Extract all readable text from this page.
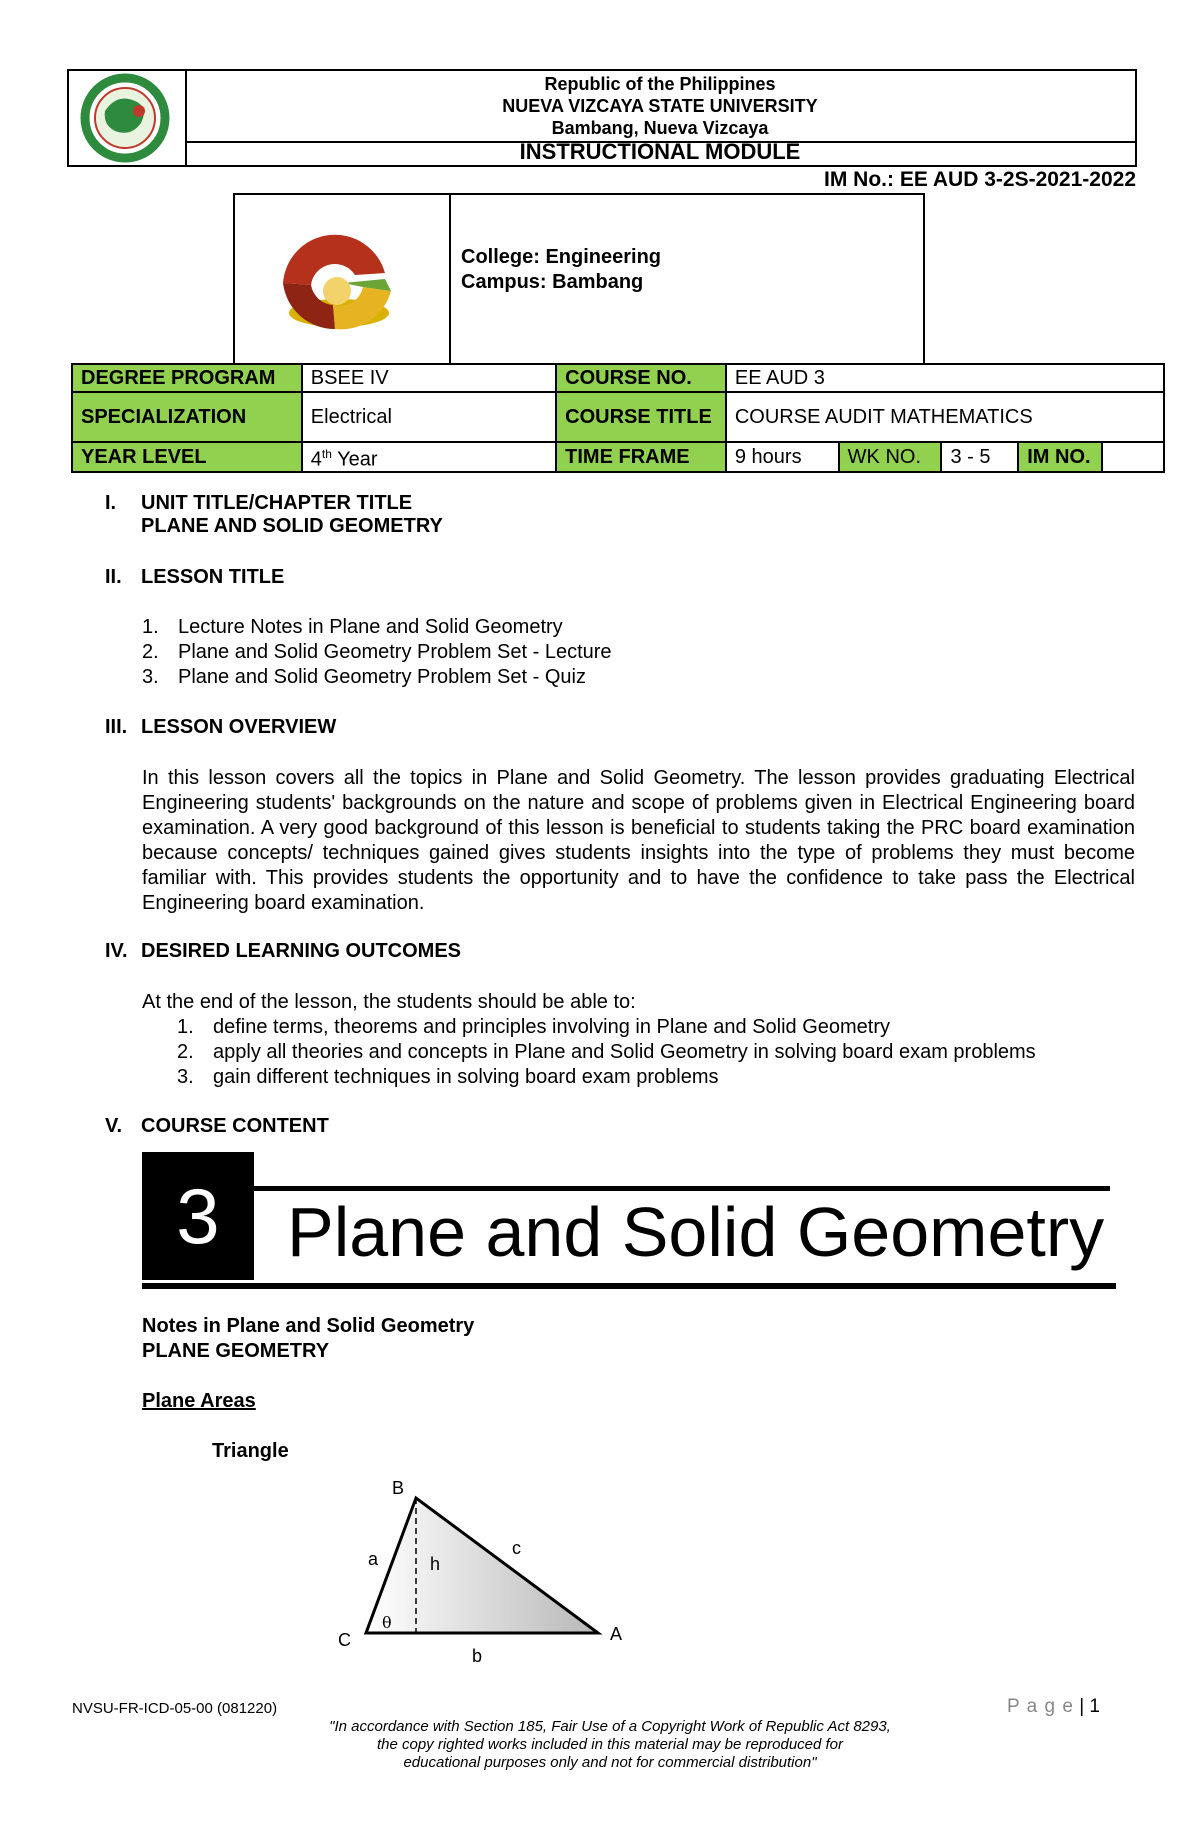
Republic of the Philippines
NUEVA VIZCAYA STATE UNIVERSITY
Bambang, Nueva Vizcaya
INSTRUCTIONAL MODULE
IM No.: EE AUD 3-2S-2021-2022
College: Engineering
Campus: Bambang
DEGREE PROGRAM	BSEE IV	COURSE NO.	EE AUD 3				
SPECIALIZATION	Electrical	COURSE TITLE	COURSE AUDIT MATHEMATICS				
YEAR LEVEL	4th Year	TIME FRAME	9 hours	WK NO.	3 - 5	IM NO.	
I. UNIT TITLE/CHAPTER TITLE
PLANE AND SOLID GEOMETRY
II. LESSON TITLE
1. Lecture Notes in Plane and Solid Geometry
2. Plane and Solid Geometry Problem Set - Lecture
3. Plane and Solid Geometry Problem Set - Quiz
III. LESSON OVERVIEW
In this lesson covers all the topics in Plane and Solid Geometry. The lesson provides graduating Electrical Engineering students' backgrounds on the nature and scope of problems given in Electrical Engineering board examination. A very good background of this lesson is beneficial to students taking the PRC board examination because concepts/ techniques gained gives students insights into the type of problems they must become familiar with. This provides students the opportunity and to have the confidence to take pass the Electrical Engineering board examination.
IV. DESIRED LEARNING OUTCOMES
At the end of the lesson, the students should be able to:
1. define terms, theorems and principles involving in Plane and Solid Geometry
2. apply all theories and concepts in Plane and Solid Geometry in solving board exam problems
3. gain different techniques in solving board exam problems
V. COURSE CONTENT
3 Plane and Solid Geometry
Notes in Plane and Solid Geometry
PLANE GEOMETRY
Plane Areas
Triangle
B
a	h
c
C
θ
A
b
NVSU-FR-ICD-05-00 (081220)	P a g e | 1
"In accordance with Section 185, Fair Use of a Copyright Work of Republic Act 8293,
the copy righted works included in this material may be reproduced for
educational purposes only and not for commercial distribution"
